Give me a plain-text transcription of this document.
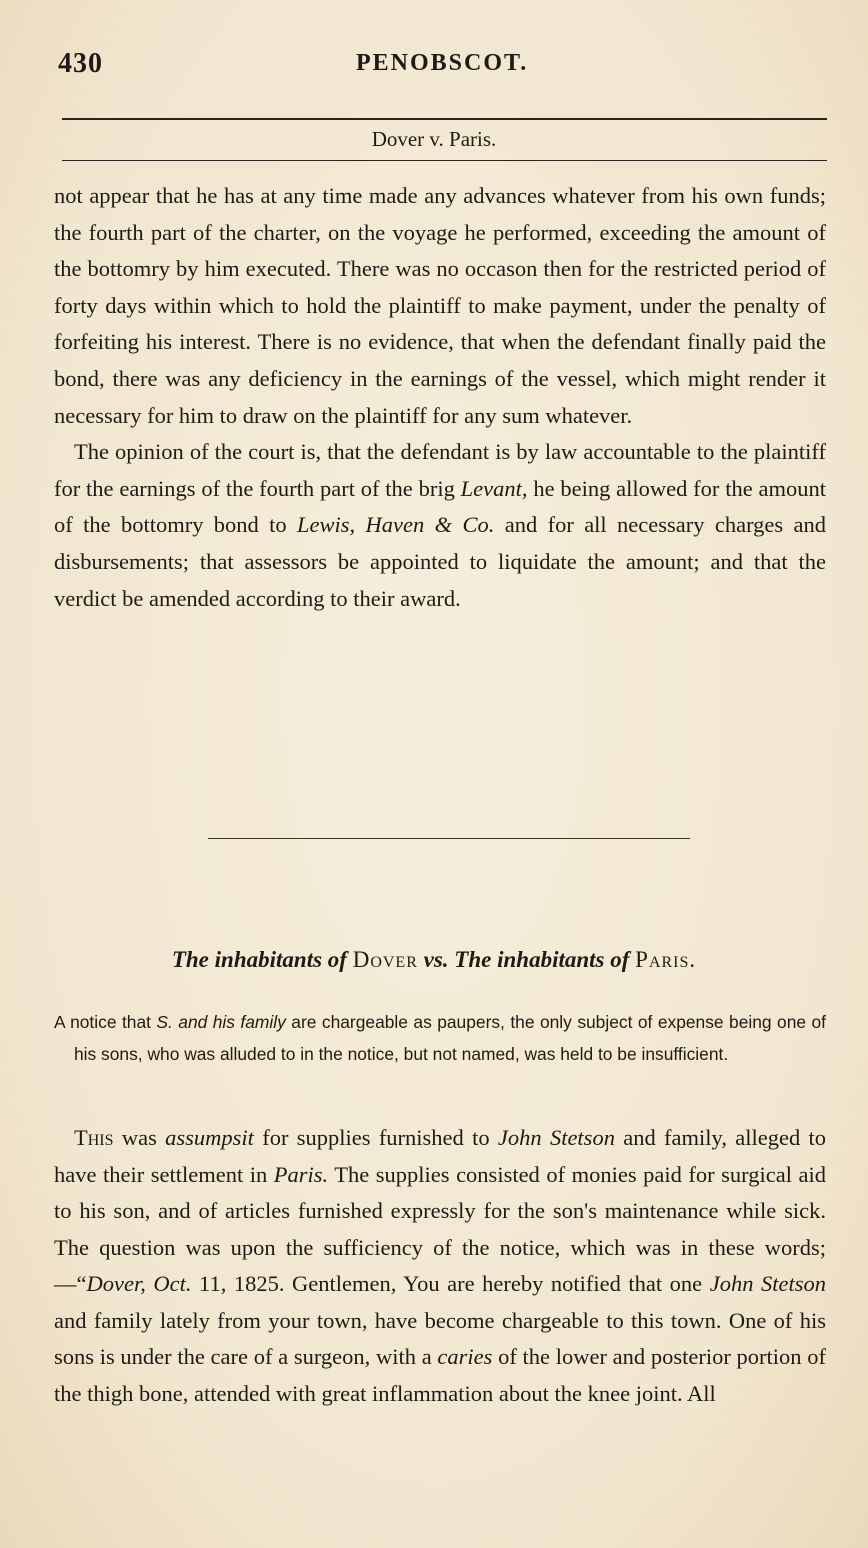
430	PENOBSCOT.
Dover v. Paris.

not appear that he has at any time made any advances whatever from his own funds; the fourth part of the charter, on the voyage he performed, exceeding the amount of the bottomry by him executed. There was no occason then for the restricted period of forty days within which to hold the plaintiff to make payment, under the penalty of forfeiting his interest. There is no evidence, that when the defendant finally paid the bond, there was any deficiency in the earnings of the vessel, which might render it necessary for him to draw on the plaintiff for any sum whatever.

The opinion of the court is, that the defendant is by law accountable to the plaintiff for the earnings of the fourth part of the brig Levant, he being allowed for the amount of the bottomry bond to Lewis, Haven & Co. and for all necessary charges and disbursements; that assessors be appointed to liquidate the amount; and that the verdict be amended according to their award.

The inhabitants of Dover vs. The inhabitants of Paris.

A notice that S. and his family are chargeable as paupers, the only subject of expense being one of his sons, who was alluded to in the notice, but not named, was held to be insufficient.

This was assumpsit for supplies furnished to John Stetson and family, alleged to have their settlement in Paris. The supplies consisted of monies paid for surgical aid to his son, and of articles furnished expressly for the son's maintenance while sick. The question was upon the sufficiency of the notice, which was in these words;—“Dover, Oct. 11, 1825. Gentlemen, You are hereby notified that one John Stetson and family lately from your town, have become chargeable to this town. One of his sons is under the care of a surgeon, with a caries of the lower and posterior portion of the thigh bone, attended with great inflammation about the knee joint. All
